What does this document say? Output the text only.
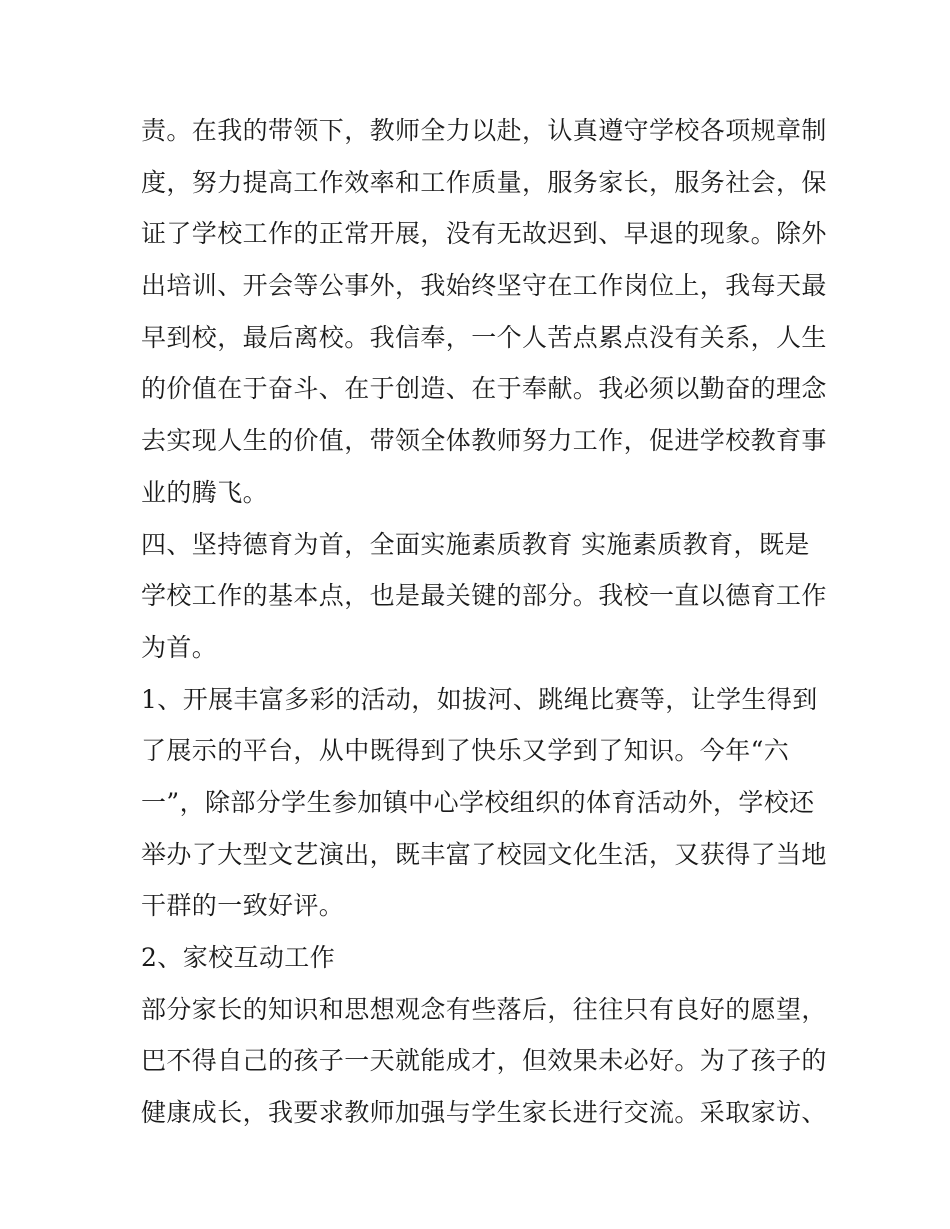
责。在我的带领下，教师全力以赴，认真遵守学校各项规章制
度，努力提高工作效率和工作质量，服务家长，服务社会，保
证了学校工作的正常开展，没有无故迟到、早退的现象。除外
出培训、开会等公事外，我始终坚守在工作岗位上，我每天最
早到校，最后离校。我信奉，一个人苦点累点没有关系，人生
的价值在于奋斗、在于创造、在于奉献。我必须以勤奋的理念
去实现人生的价值，带领全体教师努力工作，促进学校教育事
业的腾飞。
四、坚持德育为首，全面实施素质教育 实施素质教育，既是
学校工作的基本点，也是最关键的部分。我校一直以德育工作
为首。
1、开展丰富多彩的活动，如拔河、跳绳比赛等，让学生得到
了展示的平台，从中既得到了快乐又学到了知识。今年“六
一”，除部分学生参加镇中心学校组织的体育活动外，学校还
举办了大型文艺演出，既丰富了校园文化生活，又获得了当地
干群的一致好评。
2、家校互动工作
部分家长的知识和思想观念有些落后，往往只有良好的愿望，
巴不得自己的孩子一天就能成才，但效果未必好。为了孩子的
健康成长，我要求教师加强与学生家长进行交流。采取家访、
